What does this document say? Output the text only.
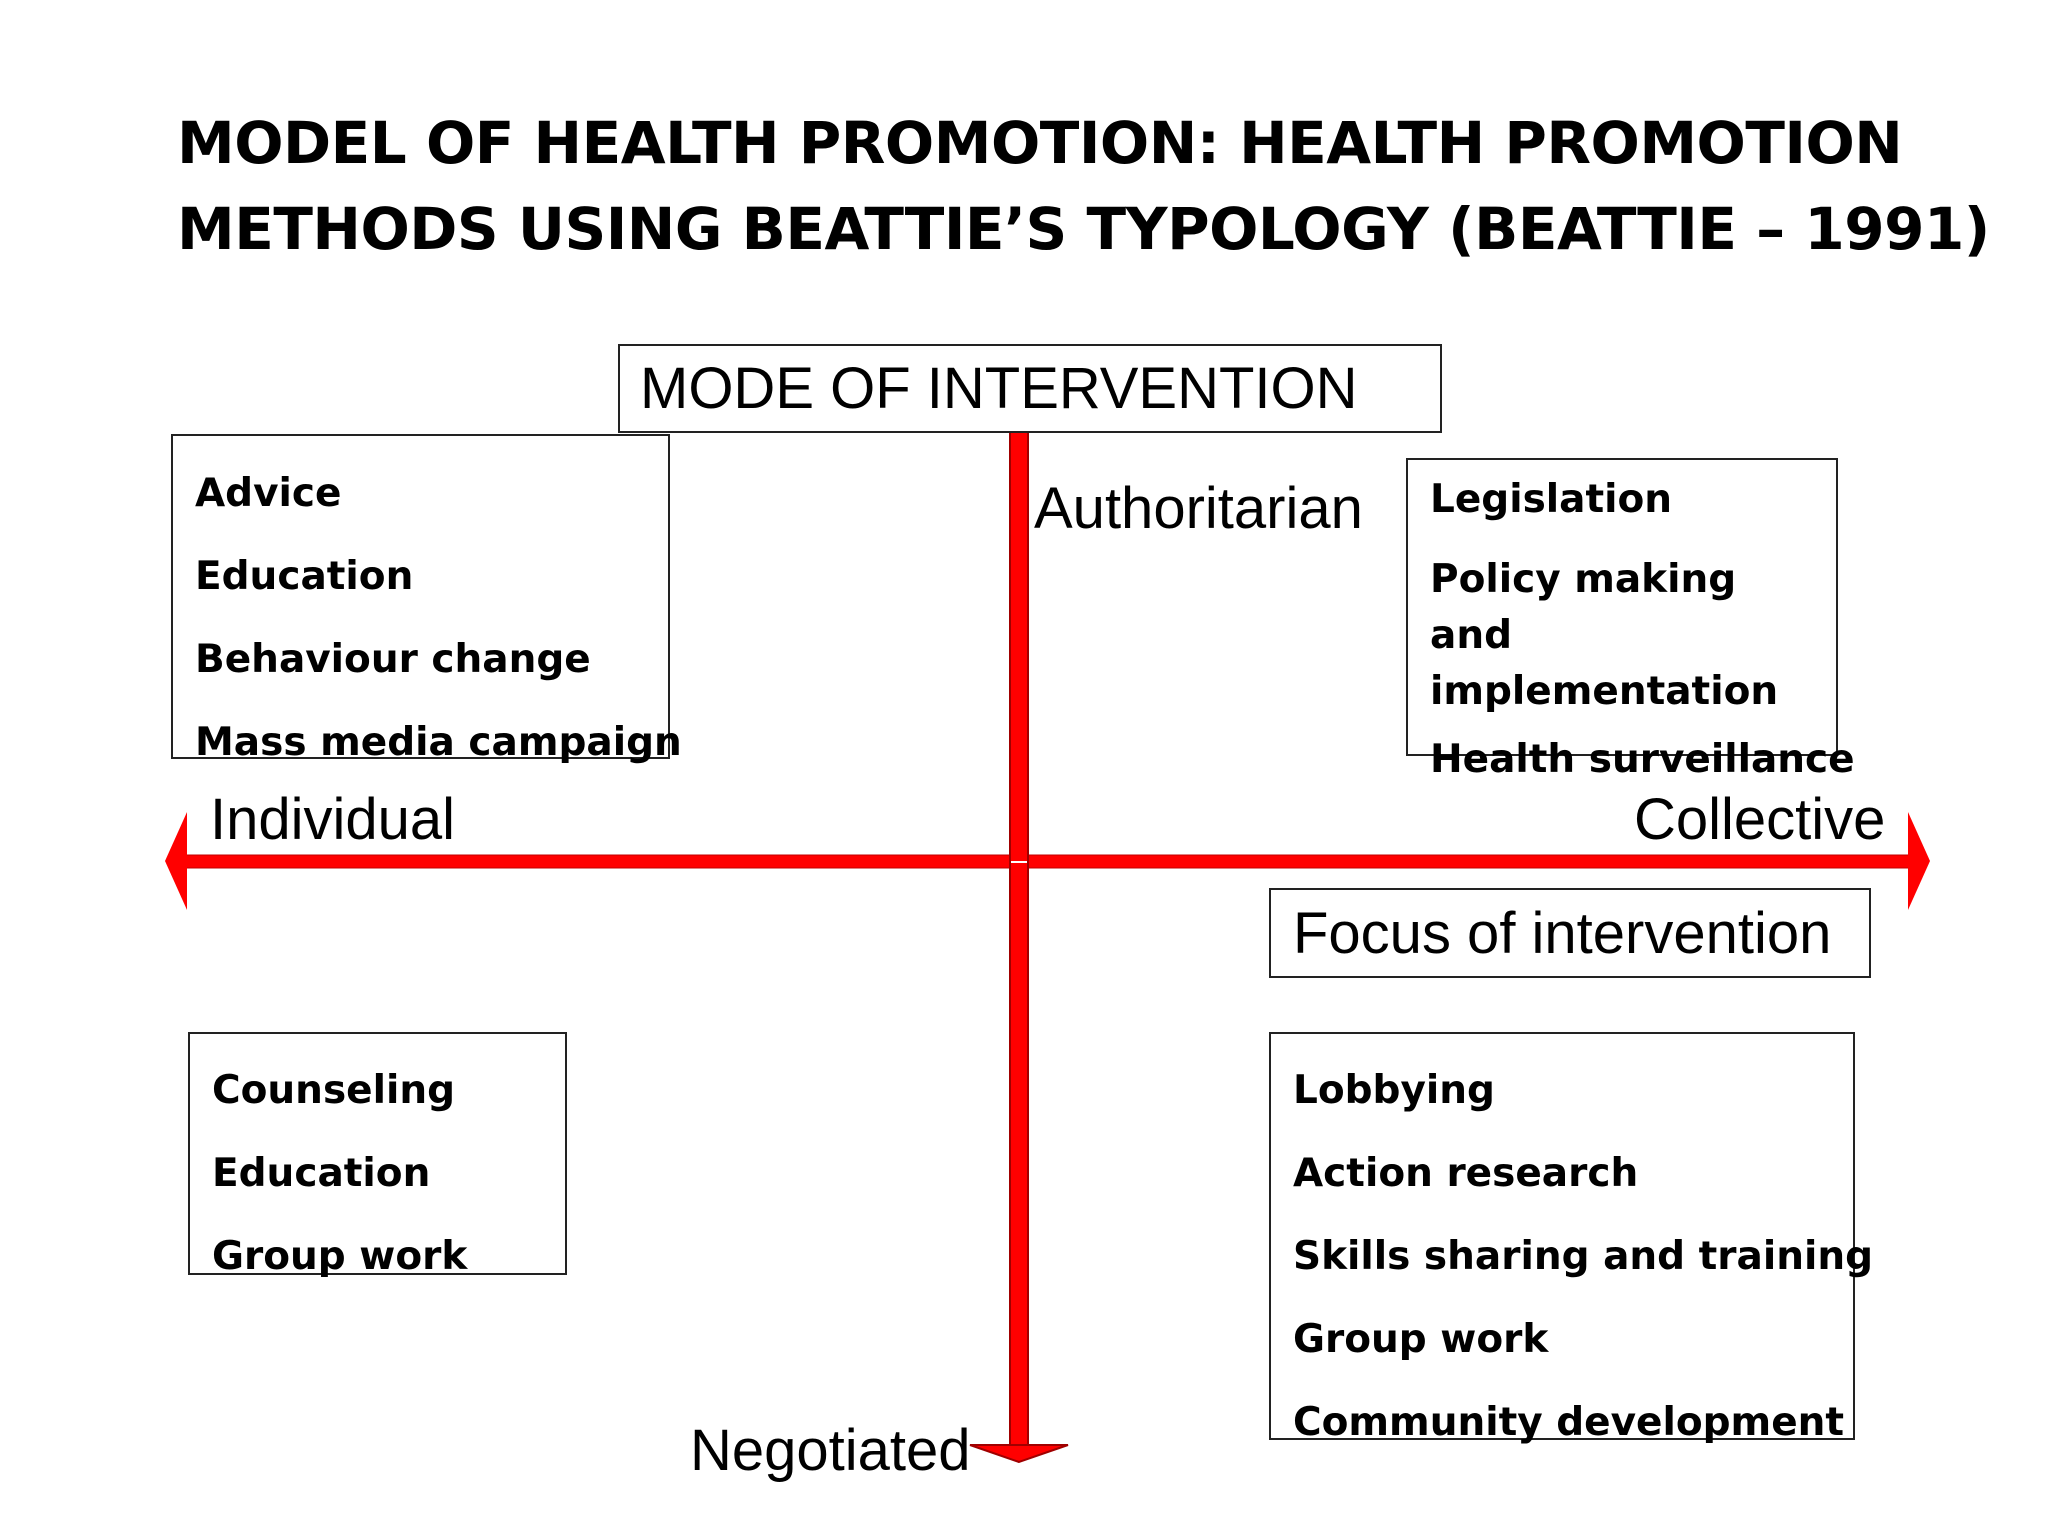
MODEL OF HEALTH PROMOTION: HEALTH PROMOTION
METHODS USING BEATTIE’S TYPOLOGY (BEATTIE – 1991)
MODE OF INTERVENTION
Authoritarian
Negotiated
Individual	Collective
Focus of intervention
Advice
Education
Behaviour change
Mass media campaign
Legislation
Policy making and implementation
Health surveillance
Counseling
Education
Group work
Lobbying
Action research
Skills sharing and training
Group work
Community development
